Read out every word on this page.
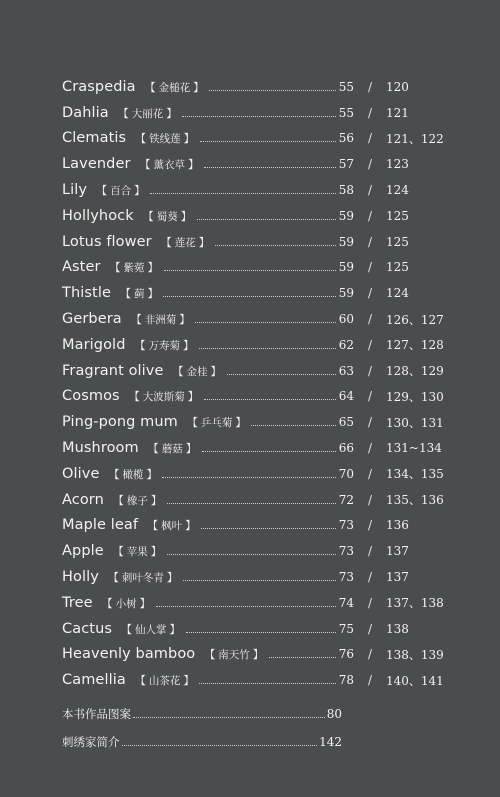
Craspedia 【 金槌花 】	55	/	120
Dahlia 【 大丽花 】	55	/	121
Clematis 【 铁线莲 】	56	/	121、122
Lavender 【 薰衣草 】	57	/	123
Lily 【 百合 】	58	/	124
Hollyhock 【 蜀葵 】	59	/	125
Lotus flower 【 莲花 】	59	/	125
Aster 【 紫菀 】	59	/	125
Thistle 【 蓟 】	59	/	124
Gerbera 【 非洲菊 】	60	/	126、127
Marigold 【 万寿菊 】	62	/	127、128
Fragrant olive 【 金桂 】	63	/	128、129
Cosmos 【 大波斯菊 】	64	/	129、130
Ping-pong mum 【 乒乓菊 】	65	/	130、131
Mushroom 【 蘑菇 】	66	/	131~134
Olive 【 橄榄 】	70	/	134、135
Acorn 【 橡子 】	72	/	135、136
Maple leaf 【 枫叶 】	73	/	136
Apple 【 苹果 】	73	/	137
Holly 【 刺叶冬青 】	73	/	137
Tree 【 小树 】	74	/	137、138
Cactus 【 仙人掌 】	75	/	138
Heavenly bamboo 【 南天竹 】	76	/	138、139
Camellia 【 山茶花 】	78	/	140、141
本书作品图案	80
刺绣家简介	142
